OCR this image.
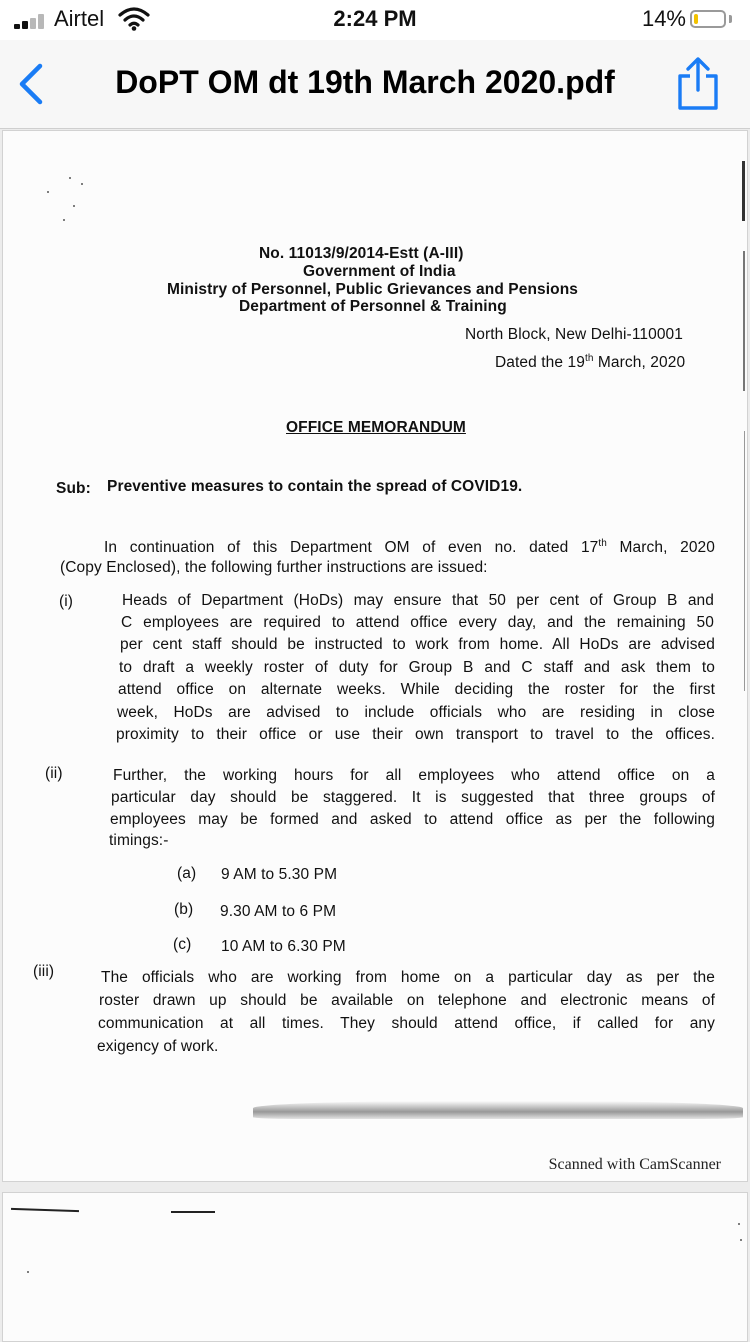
Airtel	2:24 PM	14%
DoPT OM dt 19th March 2020.pdf
No. 11013/9/2014-Estt (A-III)
Government of India
Ministry of Personnel, Public Grievances and Pensions
Department of Personnel & Training
North Block, New Delhi-110001
Dated the 19th March, 2020
OFFICE MEMORANDUM
Sub: Preventive measures to contain the spread of COVID19.
In continuation of this Department OM of even no. dated 17th March, 2020
(Copy Enclosed), the following further instructions are issued:
(i)	Heads of Department (HoDs) may ensure that 50 per cent of Group B and
C employees are required to attend office every day, and the remaining 50
per cent staff should be instructed to work from home. All HoDs are advised
to draft a weekly roster of duty for Group B and C staff and ask them to
attend office on alternate weeks. While deciding the roster for the first
week, HoDs are advised to include officials who are residing in close
proximity to their office or use their own transport to travel to the offices.
(ii)	Further, the working hours for all employees who attend office on a
particular day should be staggered. It is suggested that three groups of
employees may be formed and asked to attend office as per the following
timings:-
(a) 9 AM to 5.30 PM
(b) 9.30 AM to 6 PM
(c) 10 AM to 6.30 PM
(iii)	The officials who are working from home on a particular day as per the
roster drawn up should be available on telephone and electronic means of
communication at all times. They should attend office, if called for any
exigency of work.
Scanned with CamScanner
